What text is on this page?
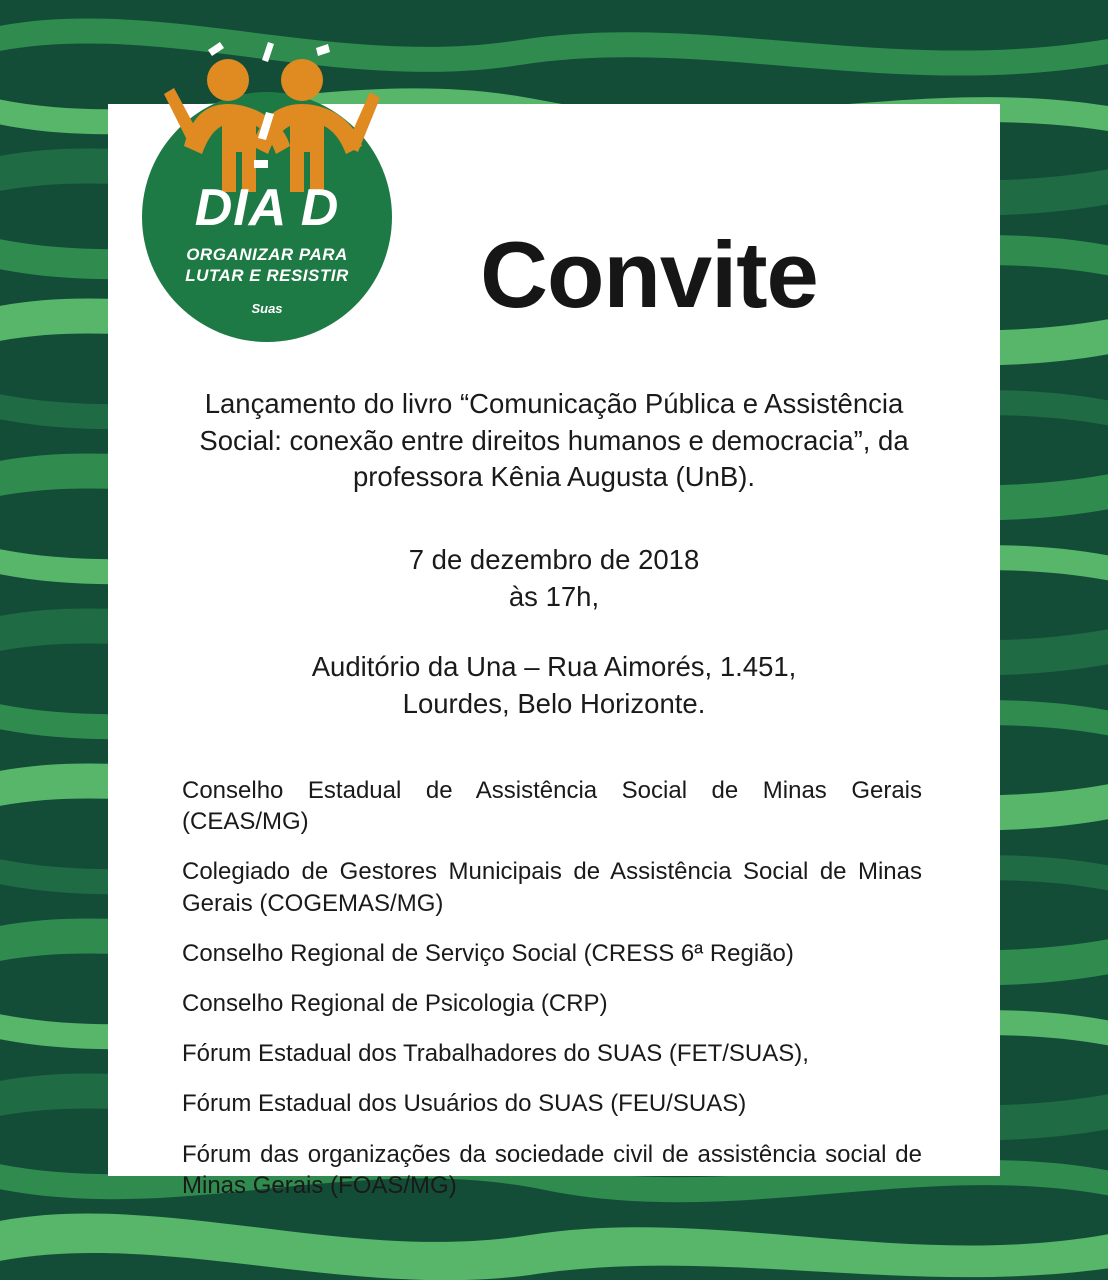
DIA D
ORGANIZAR PARA
LUTAR E RESISTIR
Suas	Convite
Lançamento do livro “Comunicação Pública e Assistência Social: conexão entre direitos humanos e democracia”, da professora Kênia Augusta (UnB).
7 de dezembro de 2018
às 17h,
Auditório da Una – Rua Aimorés, 1.451,
Lourdes, Belo Horizonte.
Conselho Estadual de Assistência Social de Minas Gerais (CEAS/MG)
Colegiado de Gestores Municipais de Assistência Social de Minas Gerais (COGEMAS/MG)
Conselho Regional de Serviço Social (CRESS 6ª Região)
Conselho Regional de Psicologia (CRP)
Fórum Estadual dos Trabalhadores do SUAS (FET/SUAS),
Fórum Estadual dos Usuários do SUAS (FEU/SUAS)
Fórum das organizações da sociedade civil de assistência social de Minas Gerais (FOAS/MG)
